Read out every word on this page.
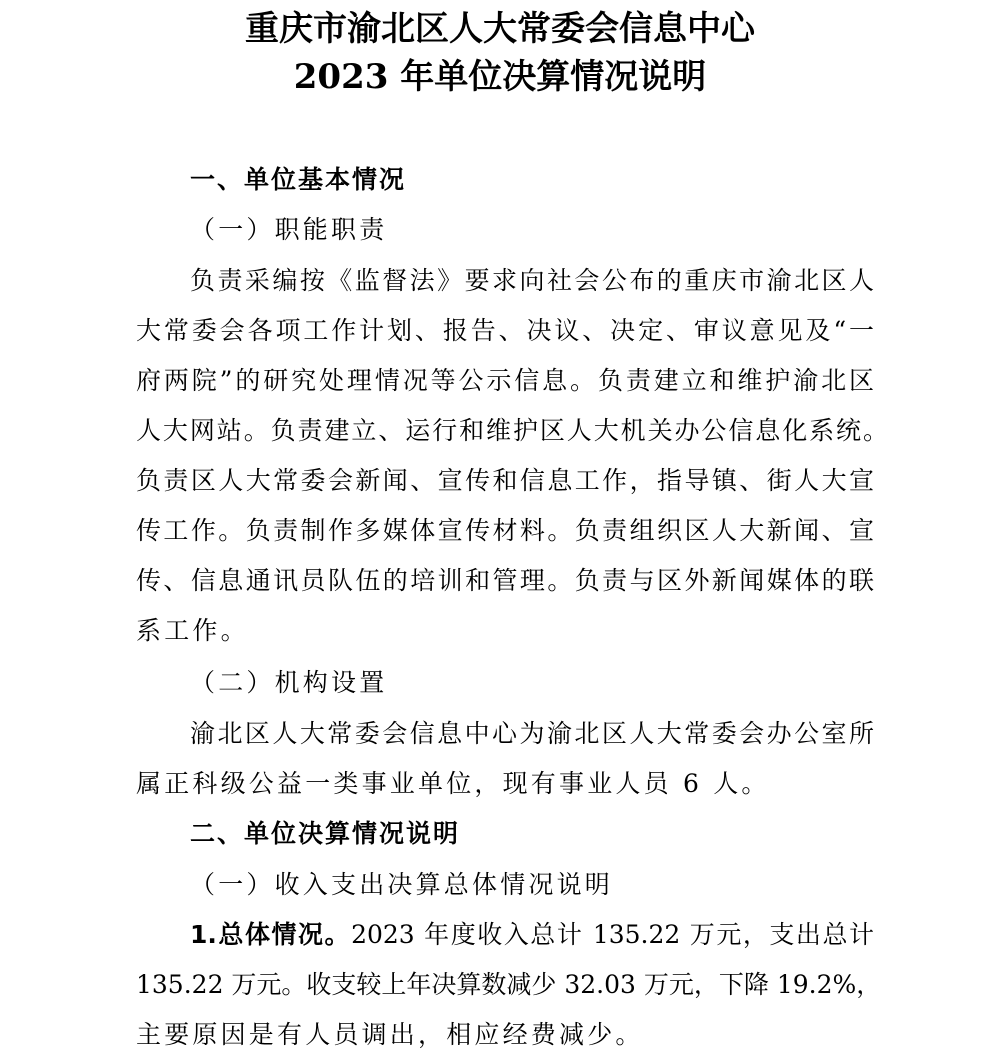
重庆市渝北区人大常委会信息中心
2023 年单位决算情况说明
一、单位基本情况
（一）职能职责
负责采编按《监督法》要求向社会公布的重庆市渝北区人
大常委会各项工作计划、报告、决议、决定、审议意见及“一
府两院”的研究处理情况等公示信息。负责建立和维护渝北区
人大网站。负责建立、运行和维护区人大机关办公信息化系统。
负责区人大常委会新闻、宣传和信息工作，指导镇、街人大宣
传工作。负责制作多媒体宣传材料。负责组织区人大新闻、宣
传、信息通讯员队伍的培训和管理。负责与区外新闻媒体的联
系工作。
（二）机构设置
渝北区人大常委会信息中心为渝北区人大常委会办公室所
属正科级公益一类事业单位，现有事业人员 6 人。
二、单位决算情况说明
（一）收入支出决算总体情况说明
1.总体情况。2023 年度收入总计 135.22 万元，支出总计
135.22 万元。收支较上年决算数减少 32.03 万元，下降 19.2%，
主要原因是有人员调出，相应经费减少。
